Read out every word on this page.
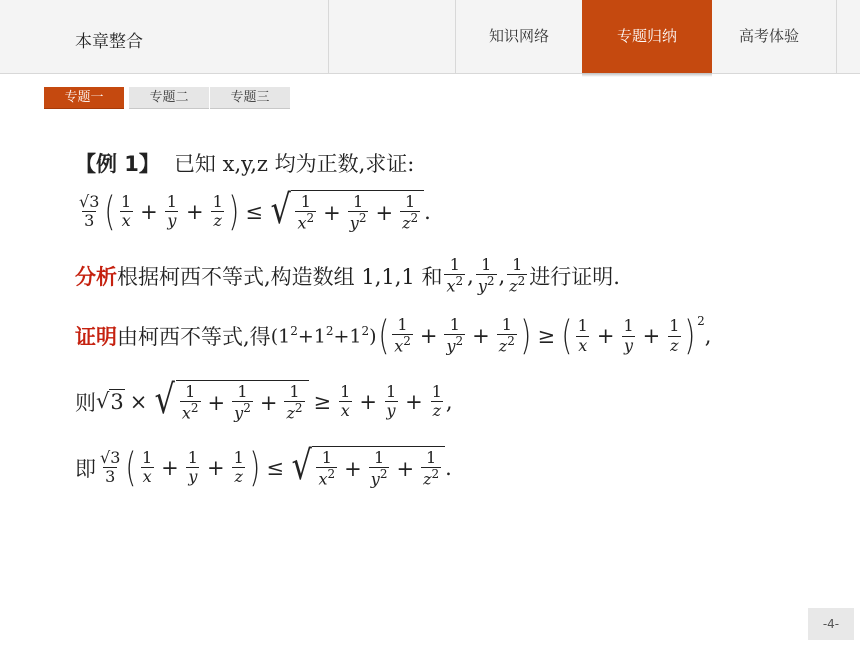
本章整合	知识网络	专题归纳	高考体验
专题一	专题二	专题三
【例 1】 已知 x,y,z 均为正数,求证:
$\frac{√3}{3}$ ( $\frac{1}{x} + \frac{1}{y} + \frac{1}{z}$ ) ≤ √ $\frac{1}{x^2} + \frac{1}{y^2} + \frac{1}{z^2}$ .
分析 根据柯西不等式,构造数组 1,1,1 和 $\frac{1}{x^2}$ , $\frac{1}{y^2}$ , $\frac{1}{z^2}$ 进行证明.
证明 由柯西不等式,得 $(1^2+1^2+1^2)$ ( $\frac{1}{x^2} + \frac{1}{y^2} + \frac{1}{z^2}$ ) ≥ ( $\frac{1}{x} + \frac{1}{y} + \frac{1}{z} )^2$
,
则 √ 3 × √ $\frac{1}{x^2} + \frac{1}{y^2} + \frac{1}{z^2} \ge \frac{1}{x} + \frac{1}{y} + \frac{1}{z}$ ,
即 $\frac{√3}{3}$ ( $\frac{1}{x} + \frac{1}{y} + \frac{1}{z}$ ) ≤ √ $\frac{1}{x^2} + \frac{1}{y^2} + \frac{1}{z^2}$ .
-4-
